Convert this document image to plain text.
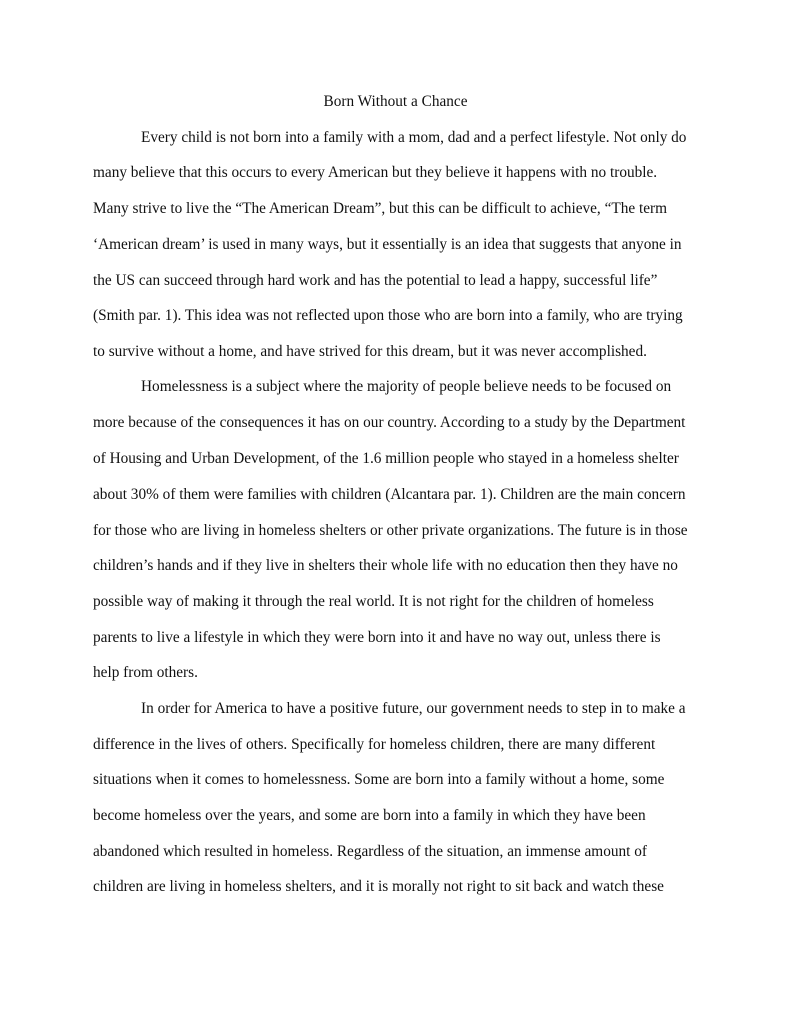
Born Without a Chance
Every child is not born into a family with a mom, dad and a perfect lifestyle. Not only do
many believe that this occurs to every American but they believe it happens with no trouble.
Many strive to live the “The American Dream”, but this can be difficult to achieve, “The term
‘American dream’ is used in many ways, but it essentially is an idea that suggests that anyone in
the US can succeed through hard work and has the potential to lead a happy, successful life”
(Smith par. 1). This idea was not reflected upon those who are born into a family, who are trying
to survive without a home, and have strived for this dream, but it was never accomplished.
Homelessness is a subject where the majority of people believe needs to be focused on
more because of the consequences it has on our country. According to a study by the Department
of Housing and Urban Development, of the 1.6 million people who stayed in a homeless shelter
about 30% of them were families with children (Alcantara par. 1). Children are the main concern
for those who are living in homeless shelters or other private organizations. The future is in those
children’s hands and if they live in shelters their whole life with no education then they have no
possible way of making it through the real world. It is not right for the children of homeless
parents to live a lifestyle in which they were born into it and have no way out, unless there is
help from others.
In order for America to have a positive future, our government needs to step in to make a
difference in the lives of others. Specifically for homeless children, there are many different
situations when it comes to homelessness. Some are born into a family without a home, some
become homeless over the years, and some are born into a family in which they have been
abandoned which resulted in homeless. Regardless of the situation, an immense amount of
children are living in homeless shelters, and it is morally not right to sit back and watch these
